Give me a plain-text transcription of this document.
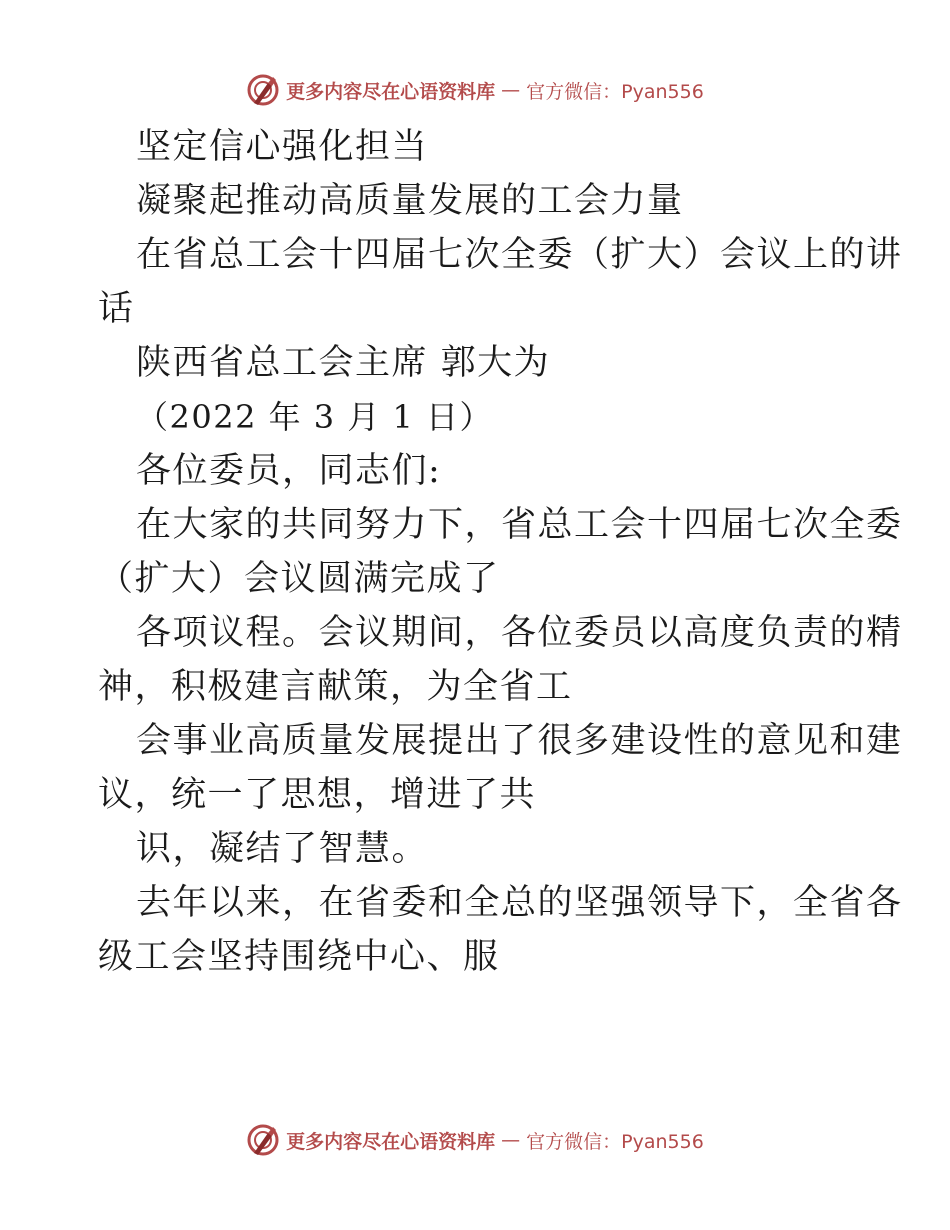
更多内容尽在心语资料库 — 官方微信：Pyan556
坚定信心强化担当
凝聚起推动高质量发展的工会力量
在省总工会十四届七次全委（扩大）会议上的讲
话
陕西省总工会主席 郭大为
（2022 年 3 月 1 日）
各位委员，同志们:
在大家的共同努力下，省总工会十四届七次全委
（扩大）会议圆满完成了
各项议程。会议期间，各位委员以高度负责的精
神，积极建言献策，为全省工
会事业高质量发展提出了很多建设性的意见和建
议，统一了思想，增进了共
识，凝结了智慧。
去年以来，在省委和全总的坚强领导下，全省各
级工会坚持围绕中心、服
更多内容尽在心语资料库 — 官方微信：Pyan556
